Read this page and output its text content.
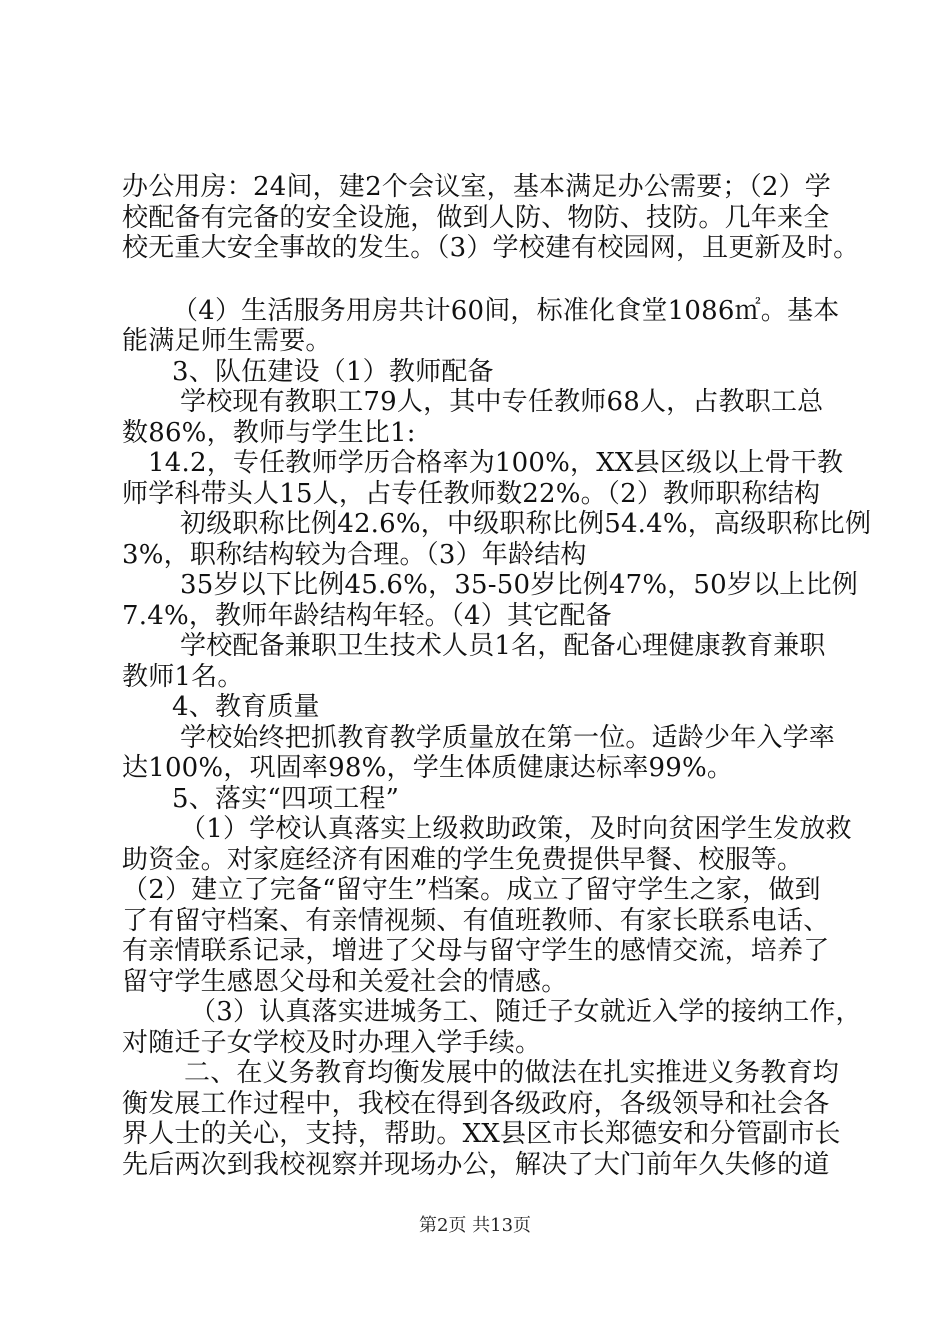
办公用房：24间，建2个会议室，基本满足办公需要；（2）学
校配备有完备的安全设施，做到人防、物防、技防。几年来全
校无重大安全事故的发生。（3）学校建有校园网，且更新及时。
（4）生活服务用房共计60间，标准化食堂1086㎡。基本
能满足师生需要。
3、队伍建设（1）教师配备
学校现有教职工79人，其中专任教师68人，占教职工总
数86%，教师与学生比1:
14.2，专任教师学历合格率为100%，XX县区级以上骨干教
师学科带头人15人，占专任教师数22%。（2）教师职称结构
初级职称比例42.6%，中级职称比例54.4%，高级职称比例
3%，职称结构较为合理。（3）年龄结构
35岁以下比例45.6%，35-50岁比例47%，50岁以上比例
7.4%，教师年龄结构年轻。（4）其它配备
学校配备兼职卫生技术人员1名，配备心理健康教育兼职
教师1名。
4、教育质量
学校始终把抓教育教学质量放在第一位。适龄少年入学率
达100%，巩固率98%，学生体质健康达标率99%。
5、落实“四项工程”
（1）学校认真落实上级救助政策，及时向贫困学生发放救
助资金。对家庭经济有困难的学生免费提供早餐、校服等。
（2）建立了完备“留守生”档案。成立了留守学生之家，做到
了有留守档案、有亲情视频、有值班教师、有家长联系电话、
有亲情联系记录，增进了父母与留守学生的感情交流，培养了
留守学生感恩父母和关爱社会的情感。
（3）认真落实进城务工、随迁子女就近入学的接纳工作，
对随迁子女学校及时办理入学手续。
二、在义务教育均衡发展中的做法在扎实推进义务教育均
衡发展工作过程中，我校在得到各级政府，各级领导和社会各
界人士的关心，支持，帮助。XX县区市长郑德安和分管副市长
先后两次到我校视察并现场办公，解决了大门前年久失修的道
第2页 共13页
